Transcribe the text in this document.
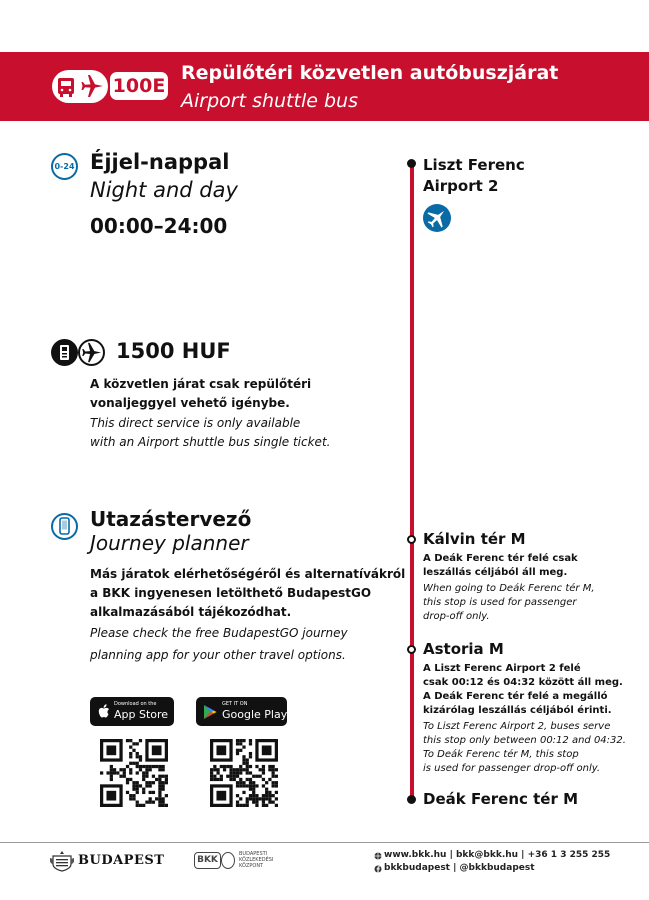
100E
Repülőtéri közvetlen autóbuszjárat
Airport shuttle bus
0-24 Éjjel-nappal
Night and day
00:00–24:00
1500 HUF
A közvetlen járat csak repülőtéri
vonaljeggyel vehető igénybe.
This direct service is only available
with an Airport shuttle bus single ticket.
Utazástervező
Journey planner
Más járatok elérhetőségéről és alternatívákról
a BKK ingyenesen letölthető BudapestGO
alkalmazásából tájékozódhat.
Please check the free BudapestGO journey
planning app for your other travel options.
Download on the
App Store
GET IT ON
Google Play
Liszt Ferenc
Airport 2
Kálvin tér M
A Deák Ferenc tér felé csak
leszállás céljából áll meg.
When going to Deák Ferenc tér M,
this stop is used for passenger
drop-off only.
Astoria M
A Liszt Ferenc Airport 2 felé
csak 00:12 és 04:32 között áll meg.
A Deák Ferenc tér felé a megálló
kizárólag leszállás céljából érinti.
To Liszt Ferenc Airport 2, buses serve
this stop only between 00:12 and 04:32.
To Deák Ferenc tér M, this stop
is used for passenger drop-off only.
Deák Ferenc tér M
BUDAPEST	BKK
BUDAPESTI
KÖZLEKEDÉSI
KÖZPONT
www.bkk.hu | bkk@bkk.hu | +36 1 3 255 255
bkkbudapest | @bkkbudapest
